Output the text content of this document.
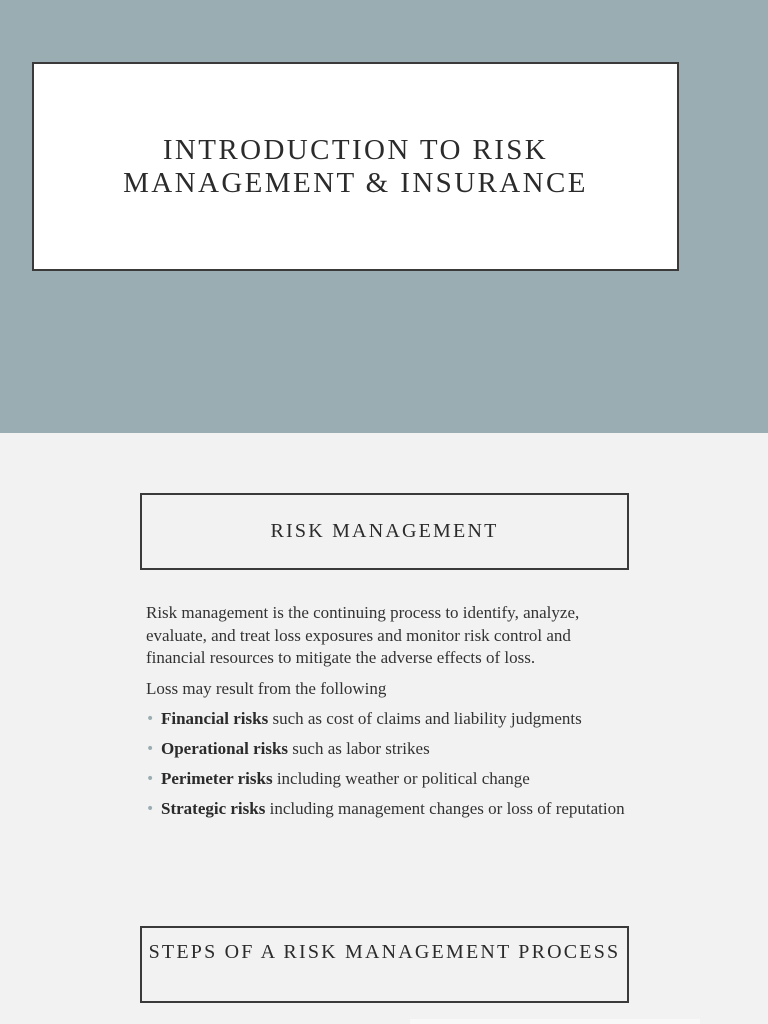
INTRODUCTION TO RISK MANAGEMENT & INSURANCE
RISK MANAGEMENT

Risk management is the continuing process to identify, analyze, evaluate, and treat loss exposures and monitor risk control and financial resources to mitigate the adverse effects of loss.

Loss may result from the following

• Financial risks such as cost of claims and liability judgments
• Operational risks such as labor strikes
• Perimeter risks including weather or political change
• Strategic risks including management changes or loss of reputation
STEPS OF A RISK MANAGEMENT PROCESS
